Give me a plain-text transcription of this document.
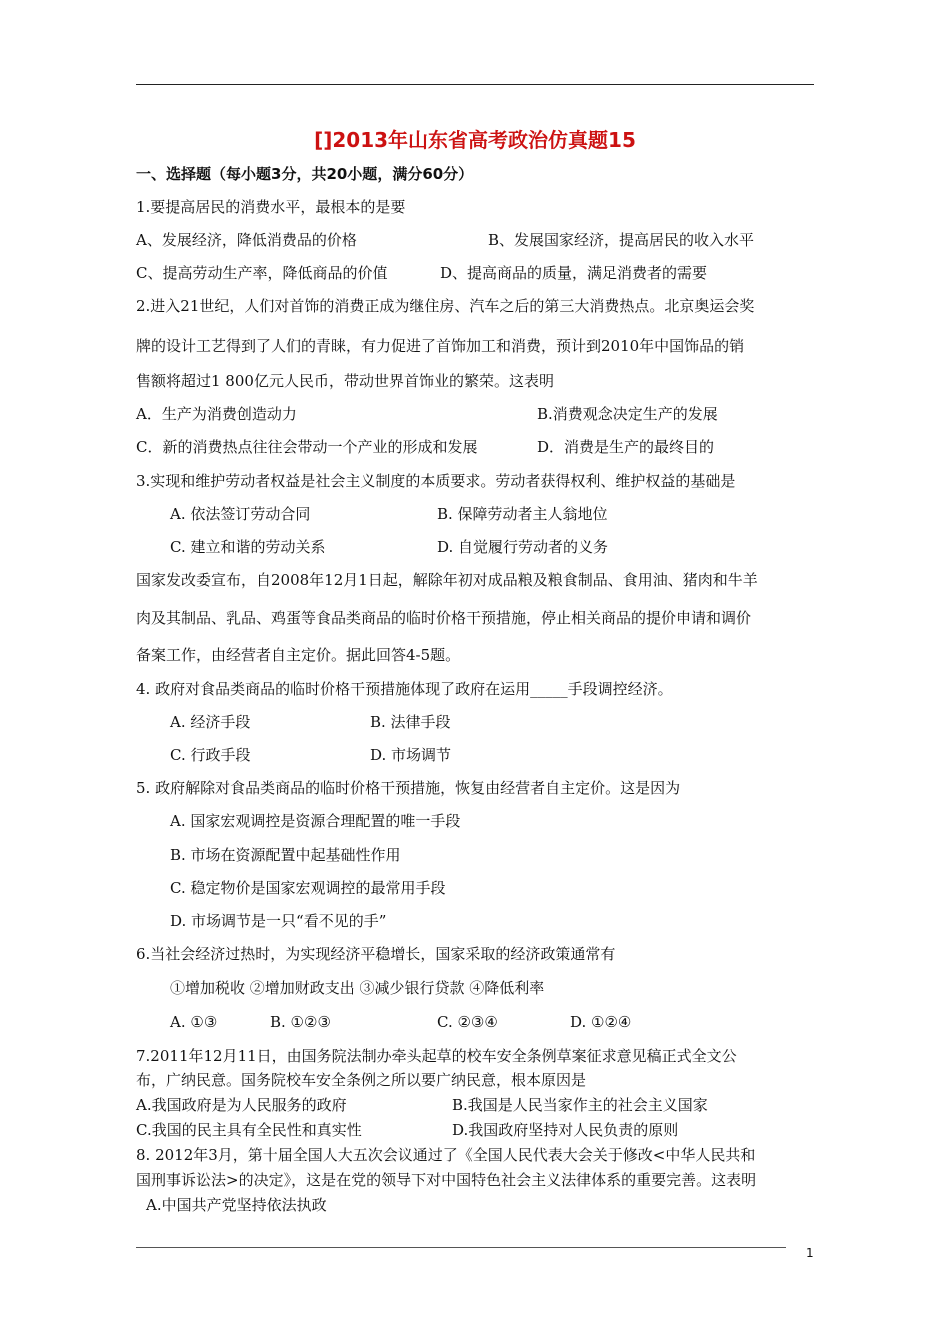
[]2013年山东省高考政治仿真题15
一、选择题（每小题3分，共20小题，满分60分）
1.要提高居民的消费水平，最根本的是要
A、发展经济，降低消费品的价格	B、发展国家经济，提高居民的收入水平
C、提高劳动生产率，降低商品的价值	D、提高商品的质量，满足消费者的需要
2.进入21世纪，人们对首饰的消费正成为继住房、汽车之后的第三大消费热点。北京奥运会奖
牌的设计工艺得到了人们的青睐，有力促进了首饰加工和消费，预计到2010年中国饰品的销
售额将超过1 800亿元人民币，带动世界首饰业的繁荣。这表明
A．生产为消费创造动力	B.消费观念决定生产的发展
C．新的消费热点往往会带动一个产业的形成和发展	D．消费是生产的最终目的
3.实现和维护劳动者权益是社会主义制度的本质要求。劳动者获得权利、维护权益的基础是
A. 依法签订劳动合同	B. 保障劳动者主人翁地位
C. 建立和谐的劳动关系	D. 自觉履行劳动者的义务
国家发改委宣布，自2008年12月1日起，解除年初对成品粮及粮食制品、食用油、猪肉和牛羊
肉及其制品、乳品、鸡蛋等食品类商品的临时价格干预措施，停止相关商品的提价申请和调价
备案工作，由经营者自主定价。据此回答4-5题。
4. 政府对食品类商品的临时价格干预措施体现了政府在运用_____手段调控经济。
A. 经济手段	B. 法律手段
C. 行政手段	D. 市场调节
5. 政府解除对食品类商品的临时价格干预措施，恢复由经营者自主定价。这是因为
A. 国家宏观调控是资源合理配置的唯一手段
B. 市场在资源配置中起基础性作用
C. 稳定物价是国家宏观调控的最常用手段
D. 市场调节是一只“看不见的手”
6.当社会经济过热时，为实现经济平稳增长，国家采取的经济政策通常有
①增加税收 ②增加财政支出 ③减少银行贷款 ④降低利率
A. ①③	B. ①②③	C. ②③④	D. ①②④
7.2011年12月11日，由国务院法制办牵头起草的校车安全条例草案征求意见稿正式全文公
布，广纳民意。国务院校车安全条例之所以要广纳民意，根本原因是
A.我国政府是为人民服务的政府	B.我国是人民当家作主的社会主义国家
C.我国的民主具有全民性和真实性	D.我国政府坚持对人民负责的原则
8. 2012年3月，第十届全国人大五次会议通过了《全国人民代表大会关于修改<中华人民共和
国刑事诉讼法>的决定》，这是在党的领导下对中国特色社会主义法律体系的重要完善。这表明
A.中国共产党坚持依法执政
1
